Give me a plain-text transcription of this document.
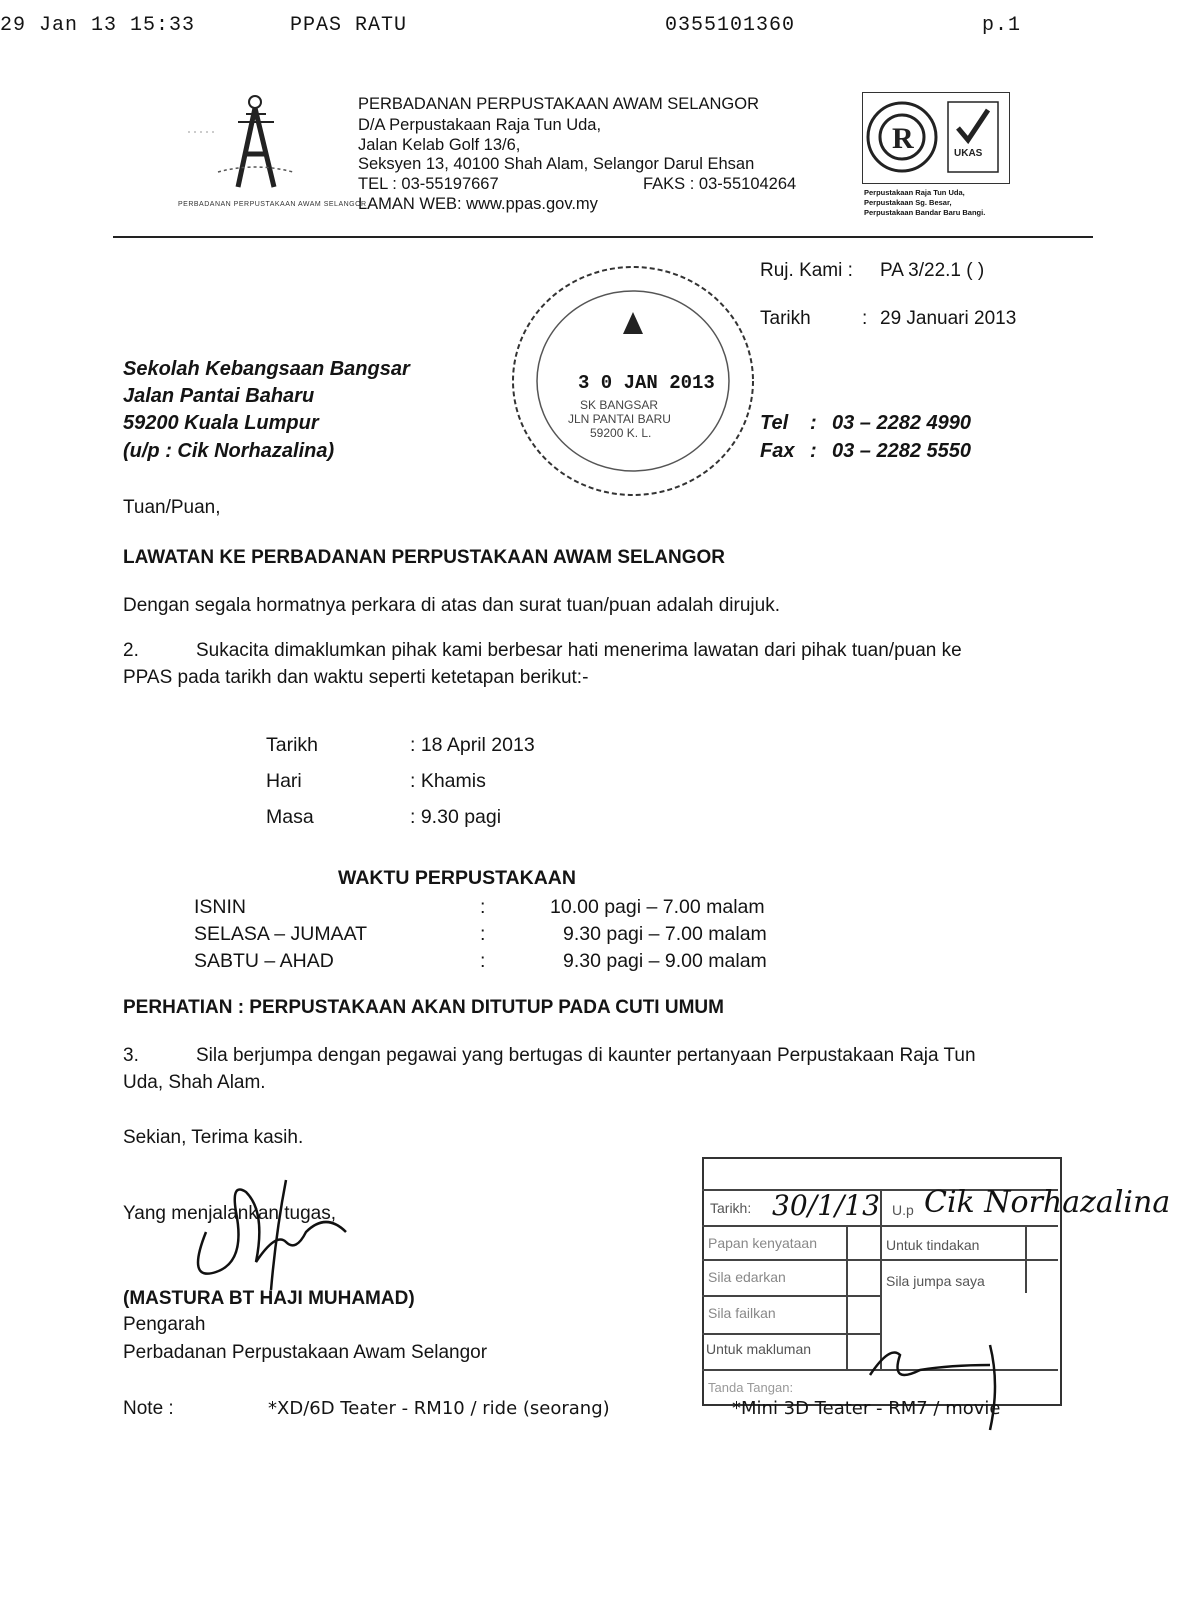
29 Jan 13 15:33	PPAS RATU	0355101360	p.1
PERBADANAN PERPUSTAKAAN AWAM SELANGOR
PERBADANAN PERPUSTAKAAN AWAM SELANGOR
D/A Perpustakaan Raja Tun Uda,
Jalan Kelab Golf 13/6,
Seksyen 13, 40100 Shah Alam, Selangor Darul Ehsan
TEL : 03-55197667	FAKS : 03-55104264
LAMAN WEB: www.ppas.gov.my
R	UKAS
Perpustakaan Raja Tun Uda,
Perpustakaan Sg. Besar,
Perpustakaan Bandar Baru Bangi.
Ruj. Kami : PA 3/22.1 ( )
Tarikh	: 29 Januari 2013
3 0 JAN 2013
SK BANGSAR
JLN PANTAI BARU
59200 K. L.
Sekolah Kebangsaan Bangsar
Jalan Pantai Baharu
59200 Kuala Lumpur
(u/p : Cik Norhazalina)
Tel : 03 – 2282 4990
Fax : 03 – 2282 5550
Tuan/Puan,
LAWATAN KE PERBADANAN PERPUSTAKAAN AWAM SELANGOR
Dengan segala hormatnya perkara di atas dan surat tuan/puan adalah dirujuk.
2.	Sukacita dimaklumkan pihak kami berbesar hati menerima lawatan dari pihak tuan/puan ke
PPAS pada tarikh dan waktu seperti ketetapan berikut:-
Tarikh	: 18 April 2013
Hari	: Khamis
Masa	: 9.30 pagi
WAKTU PERPUSTAKAAN
ISNIN	:	10.00 pagi – 7.00 malam
SELASA – JUMAAT	:	9.30 pagi – 7.00 malam
SABTU – AHAD	:	9.30 pagi – 9.00 malam
PERHATIAN : PERPUSTAKAAN AKAN DITUTUP PADA CUTI UMUM
3.	Sila berjumpa dengan pegawai yang bertugas di kaunter pertanyaan Perpustakaan Raja Tun
Uda, Shah Alam.
Sekian, Terima kasih.
Yang menjalankan tugas,
(MASTURA BT HAJI MUHAMAD)
Pengarah
Perbadanan Perpustakaan Awam Selangor
Note :	*XD/6D Teater - RM10 / ride (seorang)
Tarikh: 30/1/13 U.p Cik Norhazalina
Papan kenyataan	Untuk tindakan
Sila edarkan	Sila jumpa saya
Sila failkan
Untuk makluman
Tanda Tangan:
*Mini 3D Teater - RM7 / movie
